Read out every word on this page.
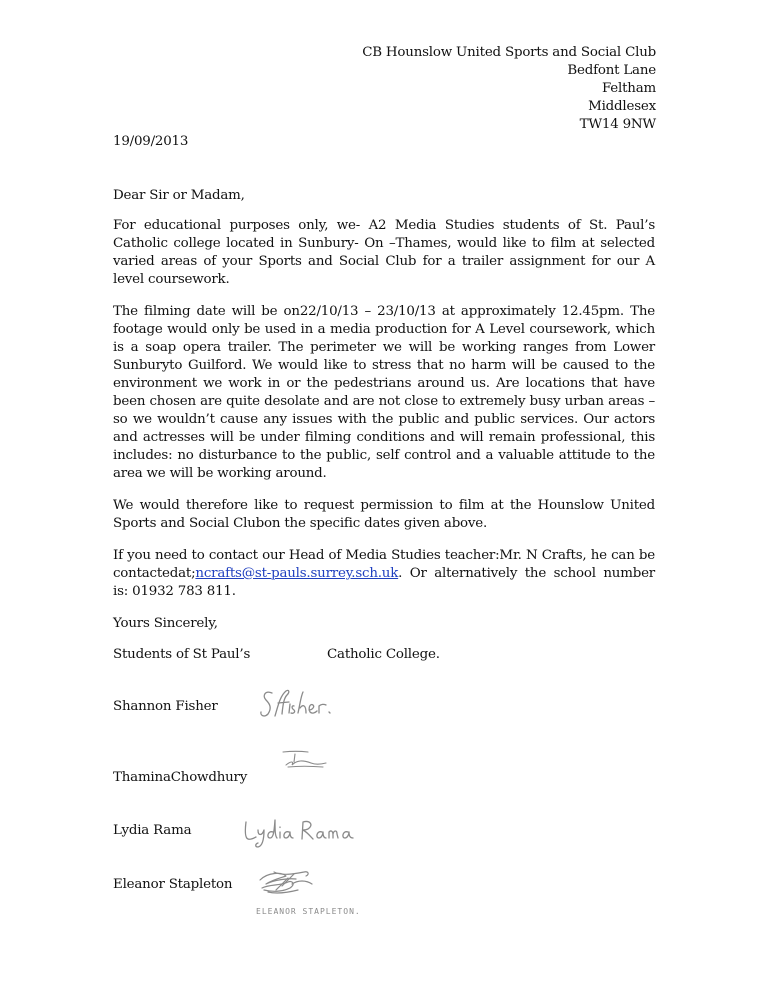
CB Hounslow United Sports and Social Club
Bedfont Lane
Feltham
Middlesex
TW14 9NW
19/09/2013

Dear Sir or Madam,

For educational purposes only, we- A2 Media Studies students of St. Paul’s Catholic college located in Sunbury- On –Thames, would like to film at selected varied areas of your Sports and Social Club for a trailer assignment for our A level coursework.

The filming date will be on22/10/13 – 23/10/13 at approximately 12.45pm. The footage would only be used in a media production for A Level coursework, which is a soap opera trailer. The perimeter we will be working ranges from Lower Sunburyto Guilford. We would like to stress that no harm will be caused to the environment we work in or the pedestrians around us. Are locations that have been chosen are quite desolate and are not close to extremely busy urban areas – so we wouldn’t cause any issues with the public and public services. Our actors and actresses will be under filming conditions and will remain professional, this includes: no disturbance to the public, self control and a valuable attitude to the area we will be working around.

We would therefore like to request permission to film at the Hounslow United Sports and Social Clubon the specific dates given above.

If you need to contact our Head of Media Studies teacher:Mr. N Crafts, he can be contactedat;ncrafts@st-pauls.surrey.sch.uk. Or alternatively the school number is: 01932 783 811.

Yours Sincerely,

Students of St Paul’s	Catholic College.
Shannon Fisher
ThaminaChowdhury
Lydia Rama
Eleanor Stapleton
ELEANOR STAPLETON.
